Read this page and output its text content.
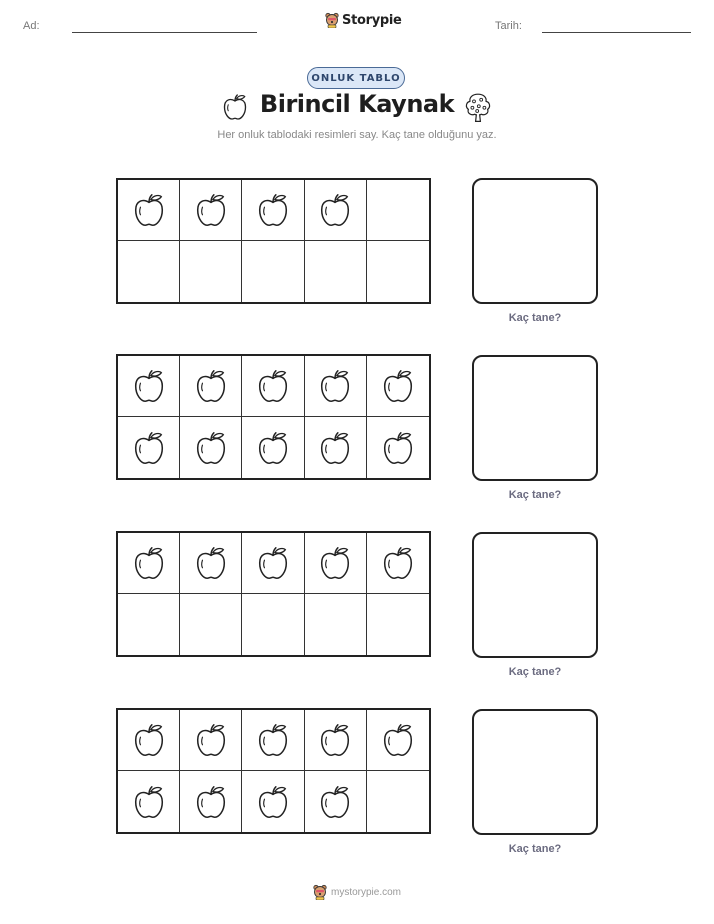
Ad:	Storypie	Tarih:
ONLUK TABLO
Birincil Kaynak
Her onluk tablodaki resimleri say. Kaç tane olduğunu yaz.
Kaç tane?
Kaç tane?
Kaç tane?
Kaç tane?
mystorypie.com
